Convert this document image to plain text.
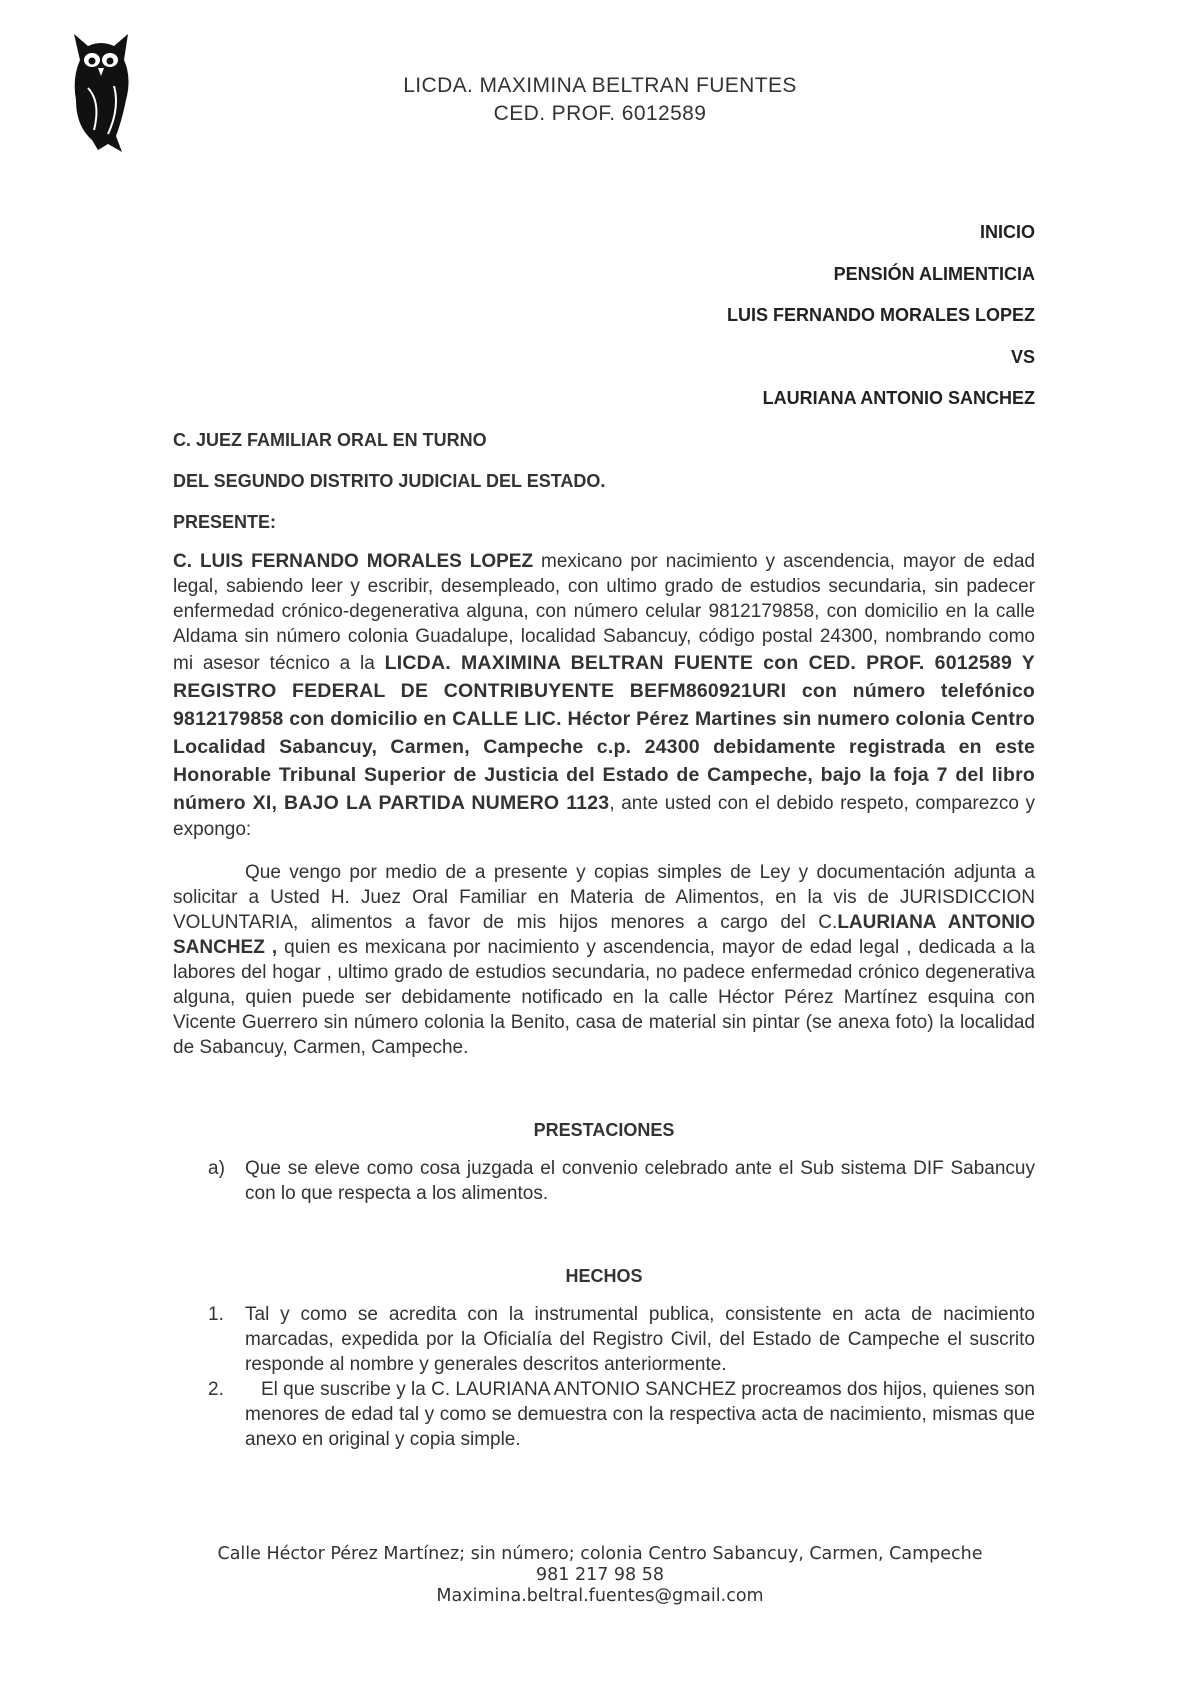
LICDA. MAXIMINA BELTRAN FUENTES
CED. PROF. 6012589
INICIO
PENSIÓN ALIMENTICIA
LUIS FERNANDO MORALES LOPEZ
VS
LAURIANA ANTONIO SANCHEZ

C. JUEZ FAMILIAR ORAL EN TURNO

DEL SEGUNDO DISTRITO JUDICIAL DEL ESTADO.

PRESENTE:
C. LUIS FERNANDO MORALES LOPEZ mexicano por nacimiento y ascendencia, mayor de edad legal, sabiendo leer y escribir, desempleado, con ultimo grado de estudios secundaria, sin padecer enfermedad crónico-degenerativa alguna, con número celular 9812179858, con domicilio en la calle Aldama sin número colonia Guadalupe, localidad Sabancuy, código postal 24300, nombrando como mi asesor técnico a la LICDA. MAXIMINA BELTRAN FUENTE con CED. PROF. 6012589 Y REGISTRO FEDERAL DE CONTRIBUYENTE BEFM860921URI con número telefónico 9812179858 con domicilio en CALLE LIC. Héctor Pérez Martines sin numero colonia Centro Localidad Sabancuy, Carmen, Campeche c.p. 24300 debidamente registrada en este Honorable Tribunal Superior de Justicia del Estado de Campeche, bajo la foja 7 del libro número XI, BAJO LA PARTIDA NUMERO 1123, ante usted con el debido respeto, comparezco y expongo:
Que vengo por medio de a presente y copias simples de Ley y documentación adjunta a solicitar a Usted H. Juez Oral Familiar en Materia de Alimentos, en la vis de JURISDICCION VOLUNTARIA, alimentos a favor de mis hijos menores a cargo del C.LAURIANA ANTONIO SANCHEZ , quien es mexicana por nacimiento y ascendencia, mayor de edad legal , dedicada a la labores del hogar , ultimo grado de estudios secundaria, no padece enfermedad crónico degenerativa alguna, quien puede ser debidamente notificado en la calle Héctor Pérez Martínez esquina con Vicente Guerrero sin número colonia la Benito, casa de material sin pintar (se anexa foto) la localidad de Sabancuy, Carmen, Campeche.
PRESTACIONES
a) Que se eleve como cosa juzgada el convenio celebrado ante el Sub sistema DIF Sabancuy con lo que respecta a los alimentos.
HECHOS
1. Tal y como se acredita con la instrumental publica, consistente en acta de nacimiento marcadas, expedida por la Oficialía del Registro Civil, del Estado de Campeche el suscrito responde al nombre y generales descritos anteriormente.
2. El que suscribe y la C. LAURIANA ANTONIO SANCHEZ procreamos dos hijos, quienes son menores de edad tal y como se demuestra con la respectiva acta de nacimiento, mismas que anexo en original y copia simple.
Calle Héctor Pérez Martínez; sin número; colonia Centro Sabancuy, Carmen, Campeche
981 217 98 58
Maximina.beltral.fuentes@gmail.com
